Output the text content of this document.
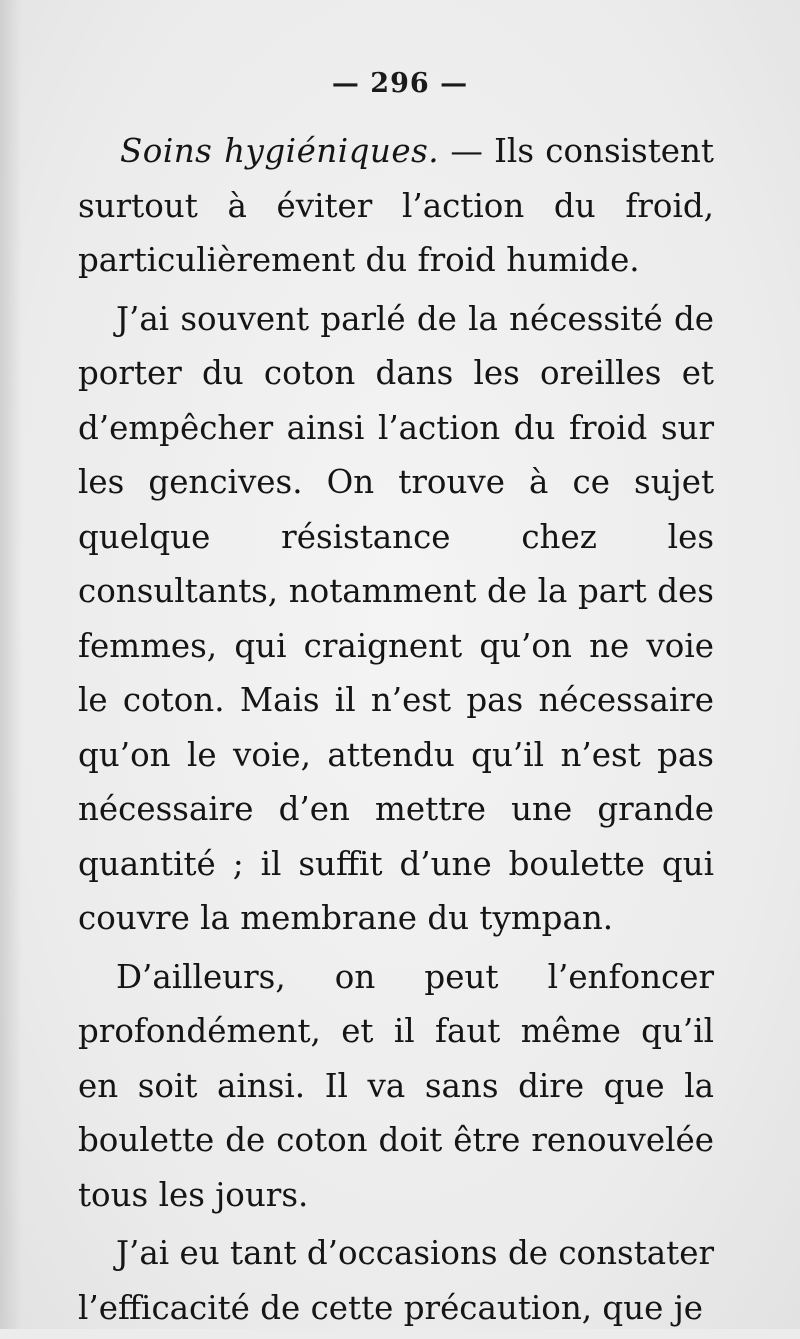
— 296 —

Soins hygiéniques. — Ils consistent surtout à éviter l’action du froid, particulièrement du froid humide.

J’ai souvent parlé de la nécessité de porter du coton dans les oreilles et d’empêcher ainsi l’action du froid sur les gencives. On trouve à ce sujet quelque résistance chez les consultants, notamment de la part des femmes, qui craignent qu’on ne voie le coton. Mais il n’est pas nécessaire qu’on le voie, attendu qu’il n’est pas nécessaire d’en mettre une grande quantité ; il suffit d’une boulette qui couvre la membrane du tympan.

D’ailleurs, on peut l’enfoncer profondément, et il faut même qu’il en soit ainsi. Il va sans dire que la boulette de coton doit être renouvelée tous les jours.

J’ai eu tant d’occasions de constater l’efficacité de cette précaution, que je
